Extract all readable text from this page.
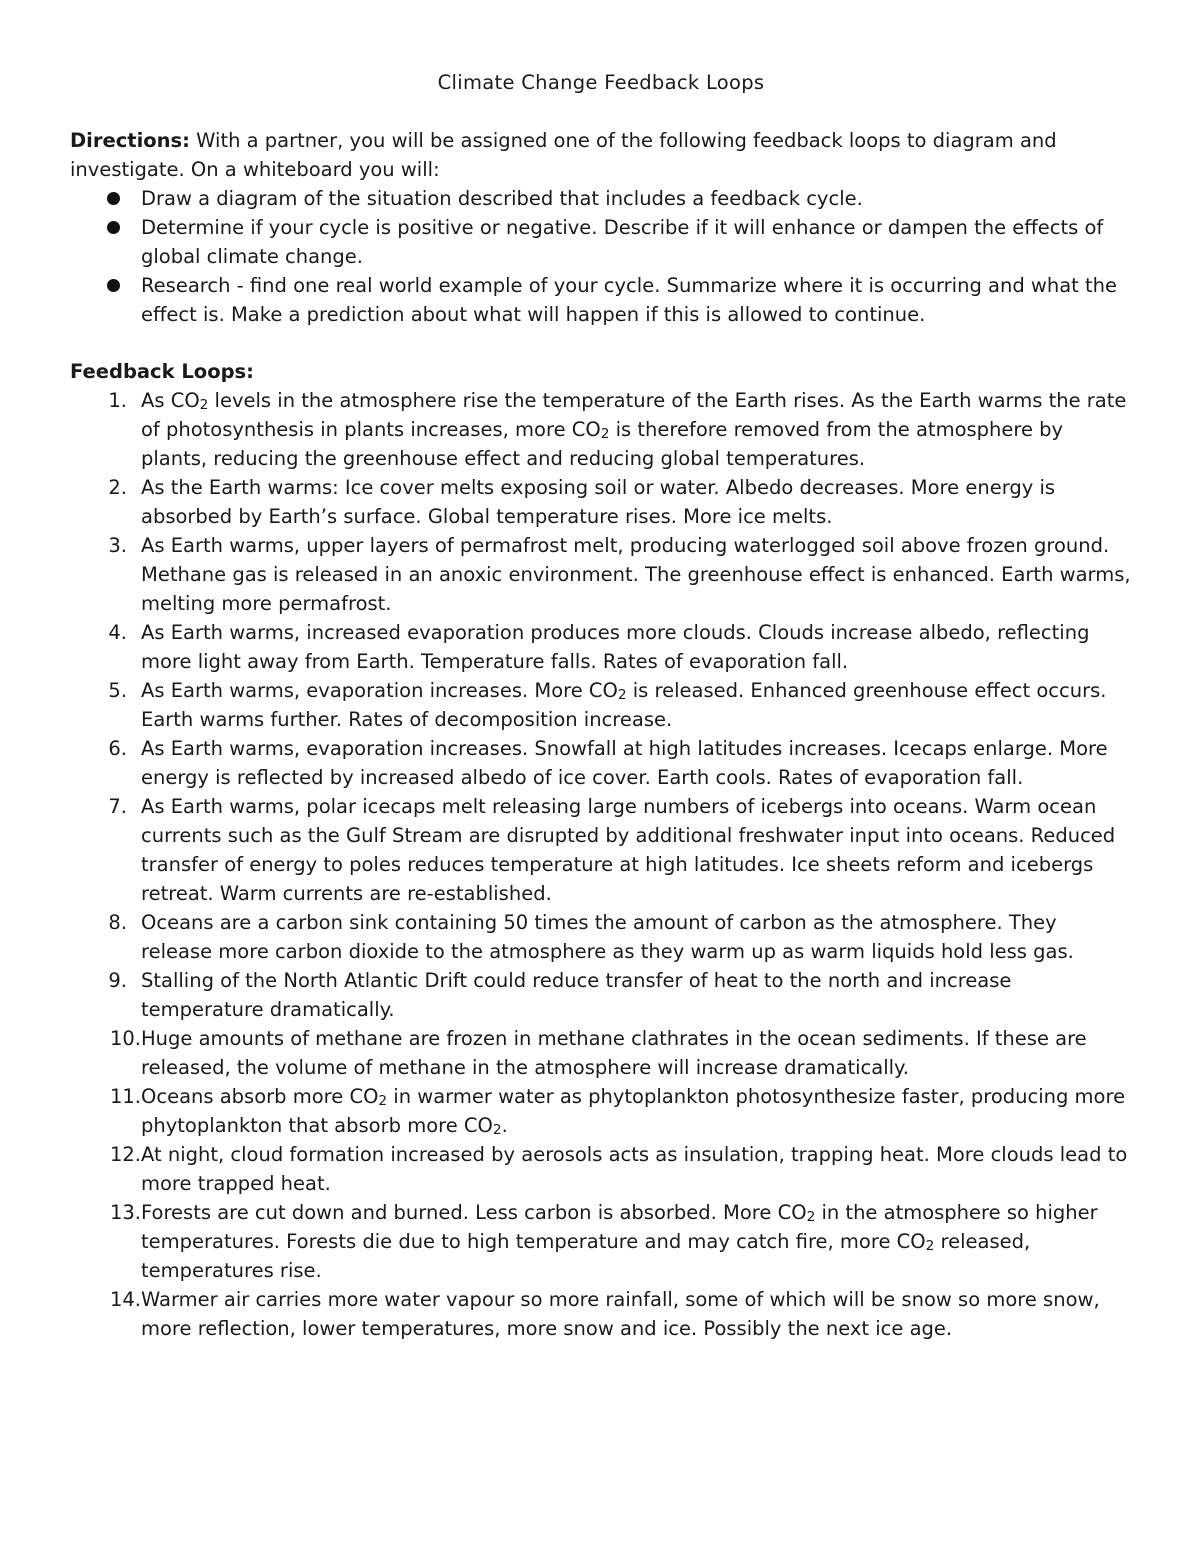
Climate Change Feedback Loops

Directions: With a partner, you will be assigned one of the following feedback loops to diagram and investigate. On a whiteboard you will:

Draw a diagram of the situation described that includes a feedback cycle.
Determine if your cycle is positive or negative. Describe if it will enhance or dampen the effects of global climate change.
Research - find one real world example of your cycle. Summarize where it is occurring and what the effect is. Make a prediction about what will happen if this is allowed to continue.

Feedback Loops:

1. As $CO_2$ levels in the atmosphere rise the temperature of the Earth rises. As the Earth warms the rate of photosynthesis in plants increases, more $CO_2$ is therefore removed from the atmosphere by plants, reducing the greenhouse effect and reducing global temperatures.
2. As the Earth warms: Ice cover melts exposing soil or water. Albedo decreases. More energy is absorbed by Earth’s surface. Global temperature rises. More ice melts.
3. As Earth warms, upper layers of permafrost melt, producing waterlogged soil above frozen ground. Methane gas is released in an anoxic environment. The greenhouse effect is enhanced. Earth warms, melting more permafrost.
4. As Earth warms, increased evaporation produces more clouds. Clouds increase albedo, reflecting more light away from Earth. Temperature falls. Rates of evaporation fall.
5. As Earth warms, evaporation increases. More $CO_2$ is released. Enhanced greenhouse effect occurs. Earth warms further. Rates of decomposition increase.
6. As Earth warms, evaporation increases. Snowfall at high latitudes increases. Icecaps enlarge. More energy is reflected by increased albedo of ice cover. Earth cools. Rates of evaporation fall.
7. As Earth warms, polar icecaps melt releasing large numbers of icebergs into oceans. Warm ocean currents such as the Gulf Stream are disrupted by additional freshwater input into oceans. Reduced transfer of energy to poles reduces temperature at high latitudes. Ice sheets reform and icebergs retreat. Warm currents are re-established.
8. Oceans are a carbon sink containing 50 times the amount of carbon as the atmosphere. They release more carbon dioxide to the atmosphere as they warm up as warm liquids hold less gas.
9. Stalling of the North Atlantic Drift could reduce transfer of heat to the north and increase temperature dramatically.
10. Huge amounts of methane are frozen in methane clathrates in the ocean sediments. If these are released, the volume of methane in the atmosphere will increase dramatically.
11. Oceans absorb more $CO_2$ in warmer water as phytoplankton photosynthesize faster, producing more phytoplankton that absorb more $CO_2$.
12. At night, cloud formation increased by aerosols acts as insulation, trapping heat. More clouds lead to more trapped heat.
13. Forests are cut down and burned. Less carbon is absorbed. More $CO_2$ in the atmosphere so higher temperatures. Forests die due to high temperature and may catch fire, more $CO_2$ released, temperatures rise.
14. Warmer air carries more water vapour so more rainfall, some of which will be snow so more snow, more reflection, lower temperatures, more snow and ice. Possibly the next ice age.
